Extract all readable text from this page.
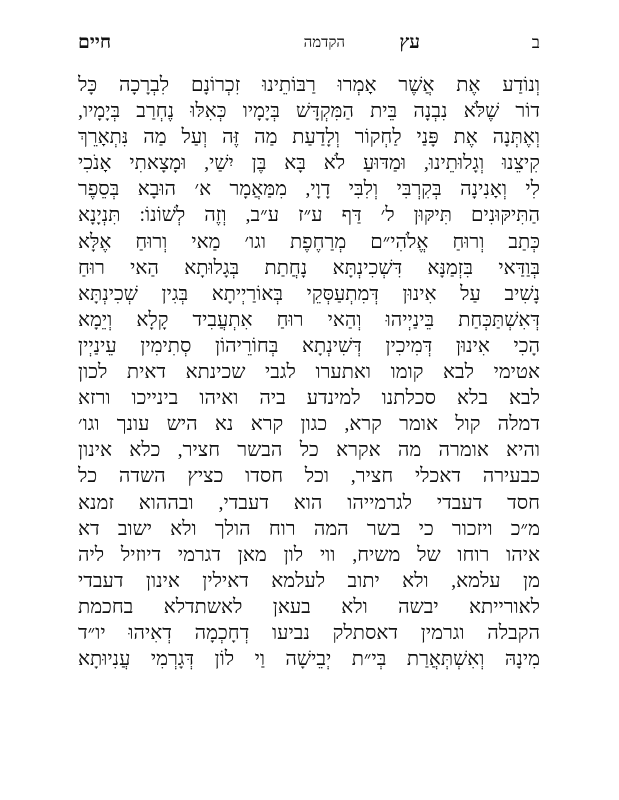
ב
עץ
הקדמה
חיים
וְנוֹדַע אֶת אֲשֶׁר אָמְרוּ רַבּוֹתֵינוּ זִכְרוֹנָם לִבְרָכָה כָּל
דוֹר שֶׁלֹּא נִבְנָה בֵּית הַמִּקְדָּשׁ בְּיָמָיו כְּאִלּוּ נֶחְרַב בְּיָמָיו,
וְאֶתְּנָה אֶת פָּנַי לַחְקוֹר וְלָדַעַת מַה זֶּה וְעַל מַה נִּתְאָרֵךְ
קִיצֵנוּ וְגָלוּתֵינוּ, וּמַדּוּעַ לֹא בָּא בֶּן יִשַׁי, וּמָצָאתִי אָנֹכִי
לִי וְאָנִינָה בְּקִרְבִּי וְלִבִּי דָוָי, מִמַּאֲמָר א׳ הוּבָא בְּסֵפֶר
הַתִּיקּוּנִים תִּיקּוּן ל׳ דַּף ע״ז ע״ב, וְזֶה לְשׁוֹנוֹ: תִּנְיָנָא
כְּתַב וְרוּחַ אֱלֹהִי״ם מְרַחֶפֶת וגו׳ מַאי וְרוּחַ אֶלָּא
בְּוַדַּאי בִּזְמַנָּא דִּשְׁכִינְתָּא נָחֲתַת בְּגָלוּתָא הַאי רוּחַ
נָשִׁיב עַל אִינוּן דְּמִתְעַסְּקֵי בְּאוֹרַיְיתָא בְּגִין שְׁכִינְתָּא
דְּאִשְׁתַּכְּחַת בֵּינַיְיהוּ וְהַאי רוּחַ אִתְעֲבִיד קָלָא וְיֵמָא
הָכִי אִינוּן דְּמִיכִין דְּשִׁינְתָא בְּחוֹרֵיהוֹן סְתִימִין עֵינַיְין
אטימי לבא קומו ואתערו לגבי שכינתא דאית לכון
לבא בלא סכלתנו למינדע ביה ואיהו בינייכו ורזא
דמלה קול אומר קרא, כגון קרא נא היש עונך וגו׳
והיא אומרה מה אקרא כל הבשר חציר, כלא אינון
כבעירה דאכלי חציר, וכל חסדו כציץ השדה כל
חסד דעבדי לגרמייהו הוא דעבדי, ובההוא זמנא
מ״כ ויזכור כי בשר המה רוח הולך ולא ישוב דא
איהו רוחו של משיח, ווי לון מאן דגרמי דיוזיל ליה
מן עלמא, ולא יתוב לעלמא דאילין אינון דעבדי
לאורייתא יבשה ולא בעאן לאשתדלא בחכמת
הקבלה וגרמין דאסתלק נביעו דְחָכְמָה דְאִיהוּ יו״ד
מִינָהּ וְאִשְׁתְּאֲרַת בְּי״ת יְבֵישָׁה וַי לוֹן דְּגָרְמִי עֲנִיוּתָא
